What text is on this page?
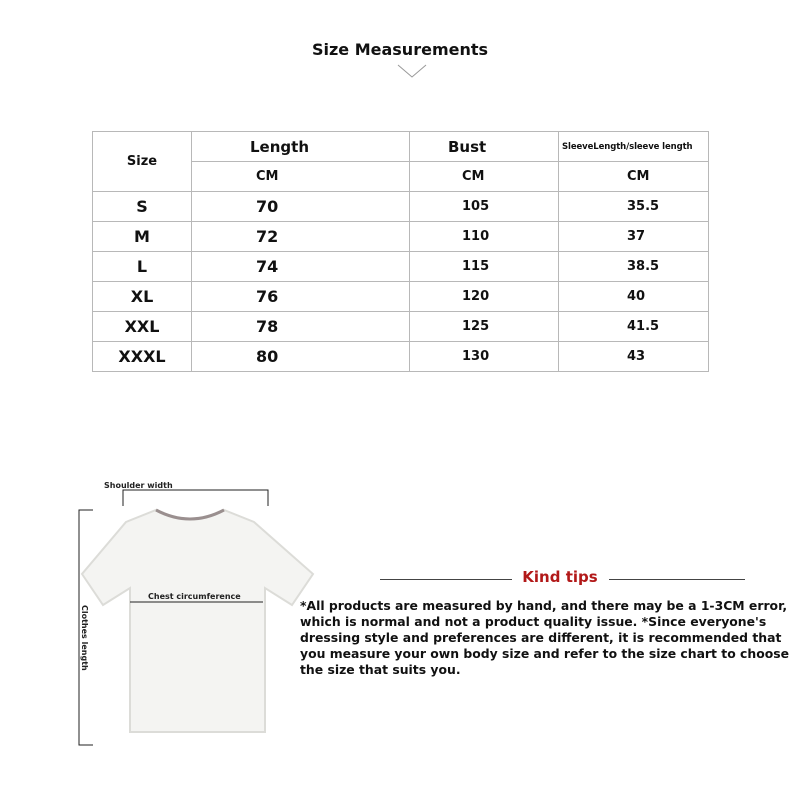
Size Measurements
Size	Length	Bust	SleeveLength/sleeve length
	CM	CM	CM
S	70	105	35.5
M	72	110	37
L	74	115	38.5
XL	76	120	40
XXL	78	125	41.5
XXXL	80	130	43
Shoulder width
Chest circumference
Clothes length
Kind tips
*All products are measured by hand, and there may be a 1-3CM error, which is normal and not a product quality issue. *Since everyone's dressing style and preferences are different, it is recommended that you measure your own body size and refer to the size chart to choose the size that suits you.
